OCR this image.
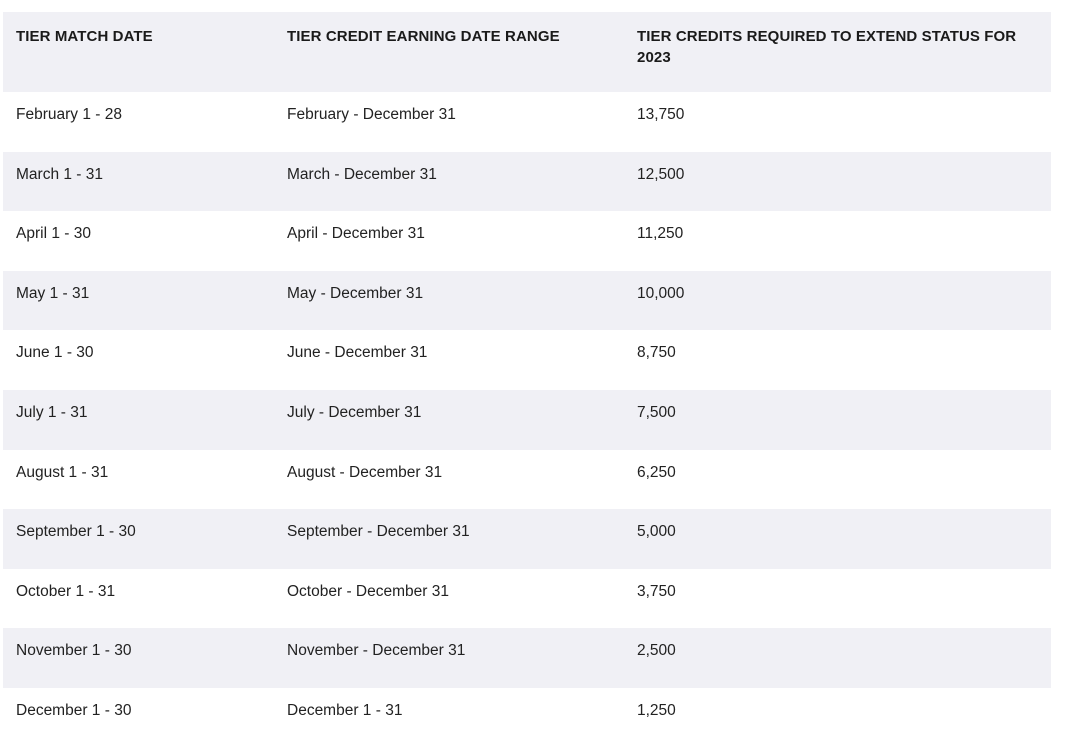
TIER MATCH DATE	TIER CREDIT EARNING DATE RANGE	TIER CREDITS REQUIRED TO EXTEND STATUS FOR 2023
February 1 - 28	February - December 31	13,750
March 1 - 31	March - December 31	12,500
April 1 - 30	April - December 31	11,250
May 1 - 31	May - December 31	10,000
June 1 - 30	June - December 31	8,750
July 1 - 31	July - December 31	7,500
August 1 - 31	August - December 31	6,250
September 1 - 30	September - December 31	5,000
October 1 - 31	October - December 31	3,750
November 1 - 30	November - December 31	2,500
December 1 - 30	December 1 - 31	1,250
